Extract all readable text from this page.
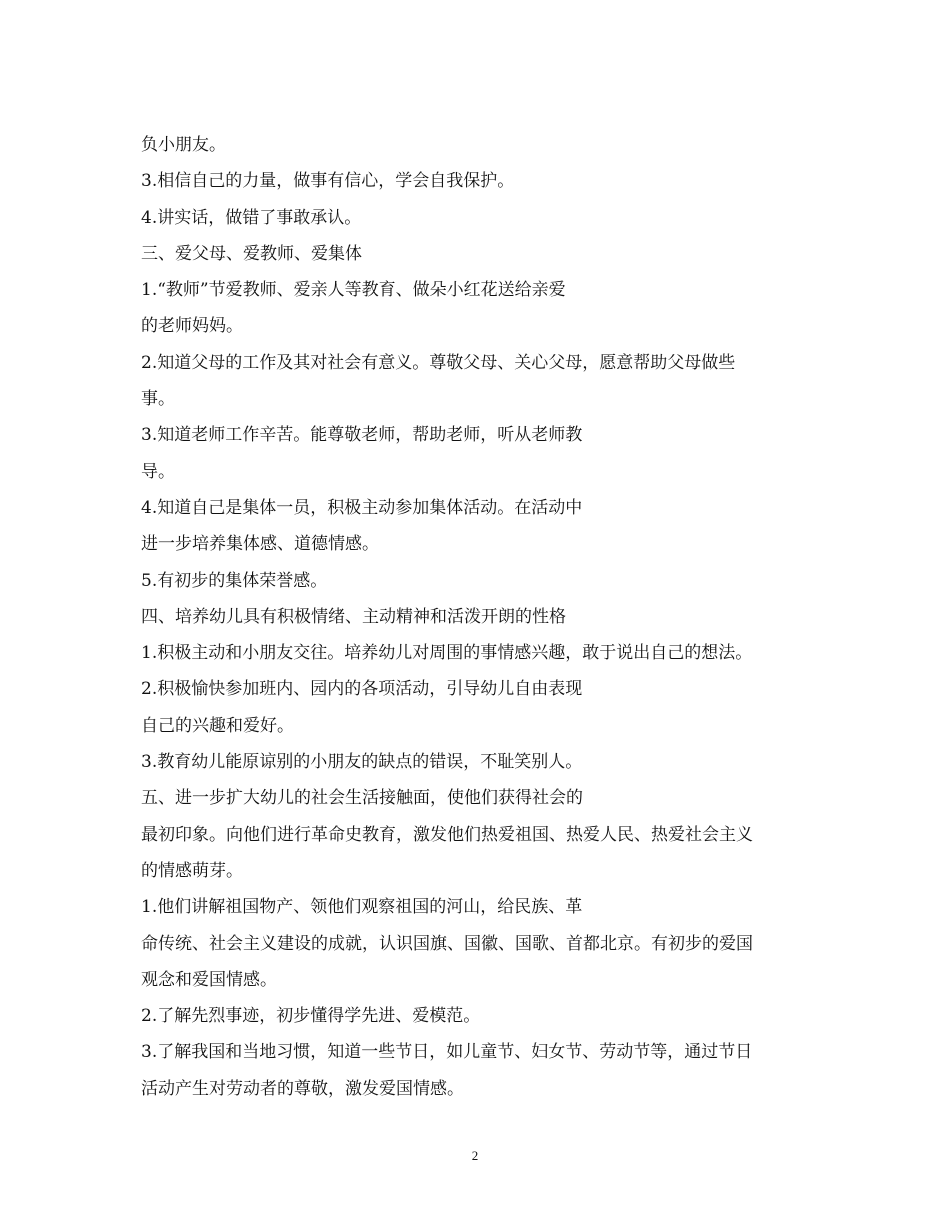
负小朋友。

3.相信自己的力量，做事有信心，学会自我保护。

4.讲实话，做错了事敢承认。

三、爱父母、爱教师、爱集体

1.“教师”节爱教师、爱亲人等教育、做朵小红花送给亲爱

的老师妈妈。

2.知道父母的工作及其对社会有意义。尊敬父母、关心父母，愿意帮助父母做些

事。

3.知道老师工作辛苦。能尊敬老师，帮助老师，听从老师教

导。

4.知道自己是集体一员，积极主动参加集体活动。在活动中

进一步培养集体感、道德情感。

5.有初步的集体荣誉感。

四、培养幼儿具有积极情绪、主动精神和活泼开朗的性格

1.积极主动和小朋友交往。培养幼儿对周围的事情感兴趣，敢于说出自己的想法。

2.积极愉快参加班内、园内的各项活动，引导幼儿自由表现

自己的兴趣和爱好。

3.教育幼儿能原谅别的小朋友的缺点的错误，不耻笑别人。

五、进一步扩大幼儿的社会生活接触面，使他们获得社会的

最初印象。向他们进行革命史教育，激发他们热爱祖国、热爱人民、热爱社会主义

的情感萌芽。

1.他们讲解祖国物产、领他们观察祖国的河山，给民族、革

命传统、社会主义建设的成就，认识国旗、国徽、国歌、首都北京。有初步的爱国

观念和爱国情感。

2.了解先烈事迹，初步懂得学先进、爱模范。

3.了解我国和当地习惯，知道一些节日，如儿童节、妇女节、劳动节等，通过节日

活动产生对劳动者的尊敬，激发爱国情感。

2
